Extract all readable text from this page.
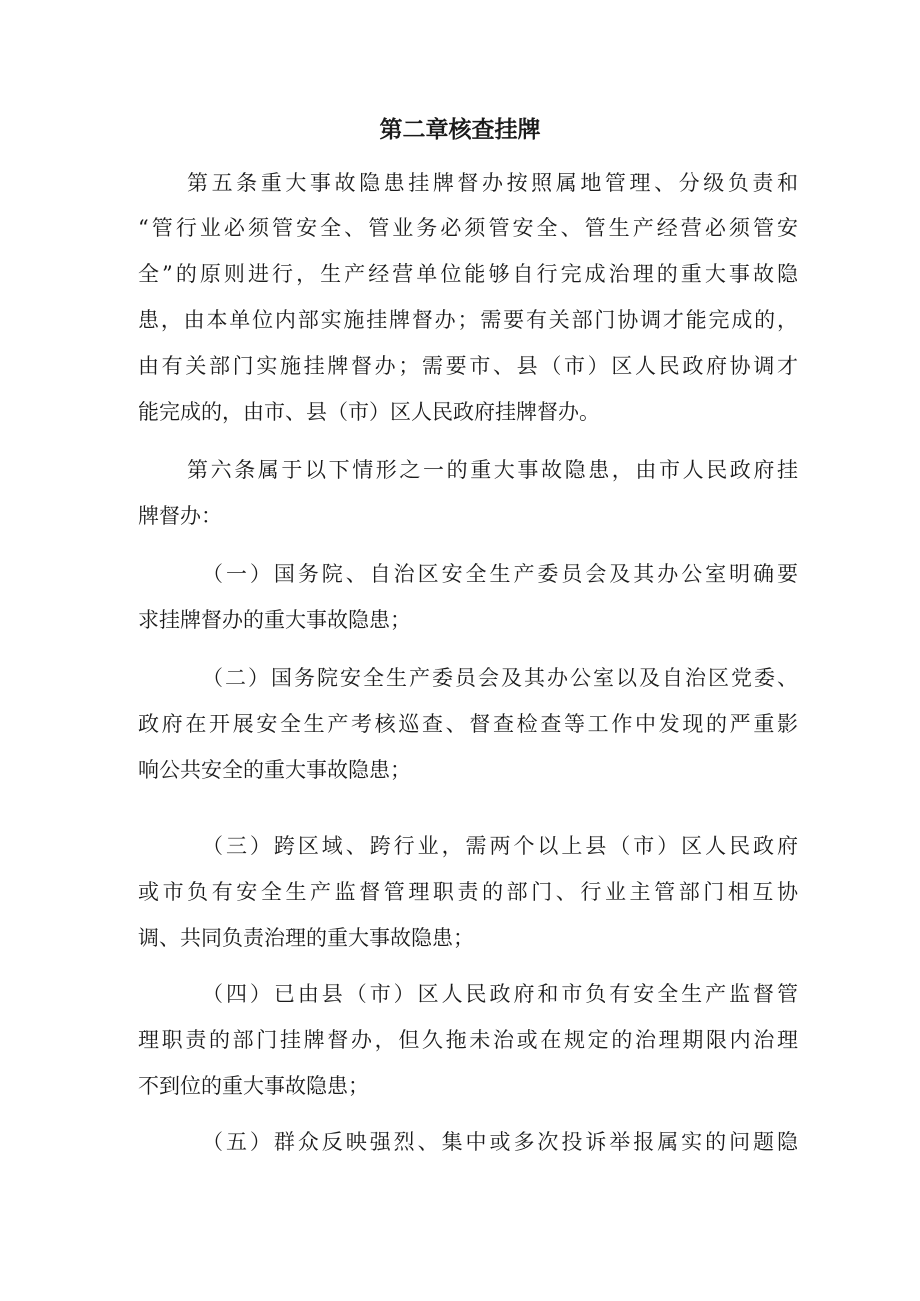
第二章核查挂牌
第五条重大事故隐患挂牌督办按照属地管理、分级负责和
“管行业必须管安全、管业务必须管安全、管生产经营必须管安
全”的原则进行，生产经营单位能够自行完成治理的重大事故隐
患，由本单位内部实施挂牌督办；需要有关部门协调才能完成的，
由有关部门实施挂牌督办；需要市、县（市）区人民政府协调才
能完成的，由市、县（市）区人民政府挂牌督办。
第六条属于以下情形之一的重大事故隐患，由市人民政府挂
牌督办：
（一）国务院、自治区安全生产委员会及其办公室明确要
求挂牌督办的重大事故隐患；
（二）国务院安全生产委员会及其办公室以及自治区党委、
政府在开展安全生产考核巡查、督查检查等工作中发现的严重影
响公共安全的重大事故隐患；
（三）跨区域、跨行业，需两个以上县（市）区人民政府
或市负有安全生产监督管理职责的部门、行业主管部门相互协
调、共同负责治理的重大事故隐患；
（四）已由县（市）区人民政府和市负有安全生产监督管
理职责的部门挂牌督办，但久拖未治或在规定的治理期限内治理
不到位的重大事故隐患；
（五）群众反映强烈、集中或多次投诉举报属实的问题隐
